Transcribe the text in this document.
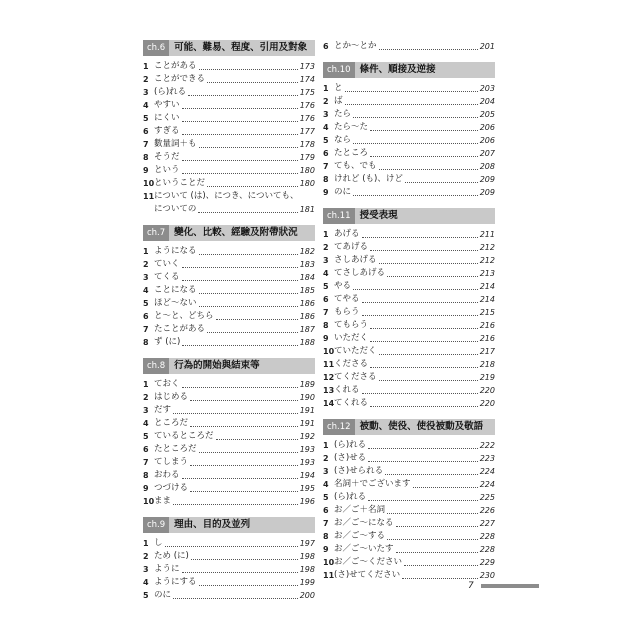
ch.6 可能、難易、程度、引用及對象
1 ことがある	173
2 ことができる	174
3 (ら)れる	175
4 やすい	176
5 にくい	176
6 すぎる	177
7 數量詞＋も	178
8 そうだ	179
9 という	180
10 ということだ	180
11 について (は)、につき、についても、
についての	181
ch.7 變化、比較、經驗及附帶狀況
1 ようになる	182
2 ていく	183
3 てくる	184
4 ことになる	185
5 ほど～ない	186
6 と～と、どちら	186
7 たことがある	187
8 ず (に)	188
ch.8 行為的開始與結束等
1 ておく	189
2 はじめる	190
3 だす	191
4 ところだ	191
5 ているところだ	192
6 たところだ	193
7 てしまう	193
8 おわる	194
9 つづける	195
10 まま	196
ch.9 理由、目的及並列
1 し	197
2 ため (に)	198
3 ように	198
4 ようにする	199
5 のに	200
6 とか～とか	201
ch.10 條件、順接及逆接
1 と	203
2 ば	204
3 たら	205
4 たら～た	206
5 なら	206
6 たところ	207
7 ても、でも	208
8 けれど (も)、けど	209
9 のに	209
ch.11 授受表現
1 あげる	211
2 てあげる	212
3 さしあげる	212
4 てさしあげる	213
5 やる	214
6 てやる	214
7 もらう	215
8 てもらう	216
9 いただく	216
10 ていただく	217
11 くださる	218
12 てくださる	219
13 くれる	220
14 てくれる	220
ch.12 被動、使役、使役被動及敬語
1 (ら)れる	222
2 (さ)せる	223
3 (さ)せられる	224
4 名詞＋でございます	224
5 (ら)れる	225
6 お／ご＋名詞	226
7 お／ご～になる	227
8 お／ご～する	228
9 お／ご～いたす	228
10 お／ご～ください	229
11 (さ)せてください	230
7
